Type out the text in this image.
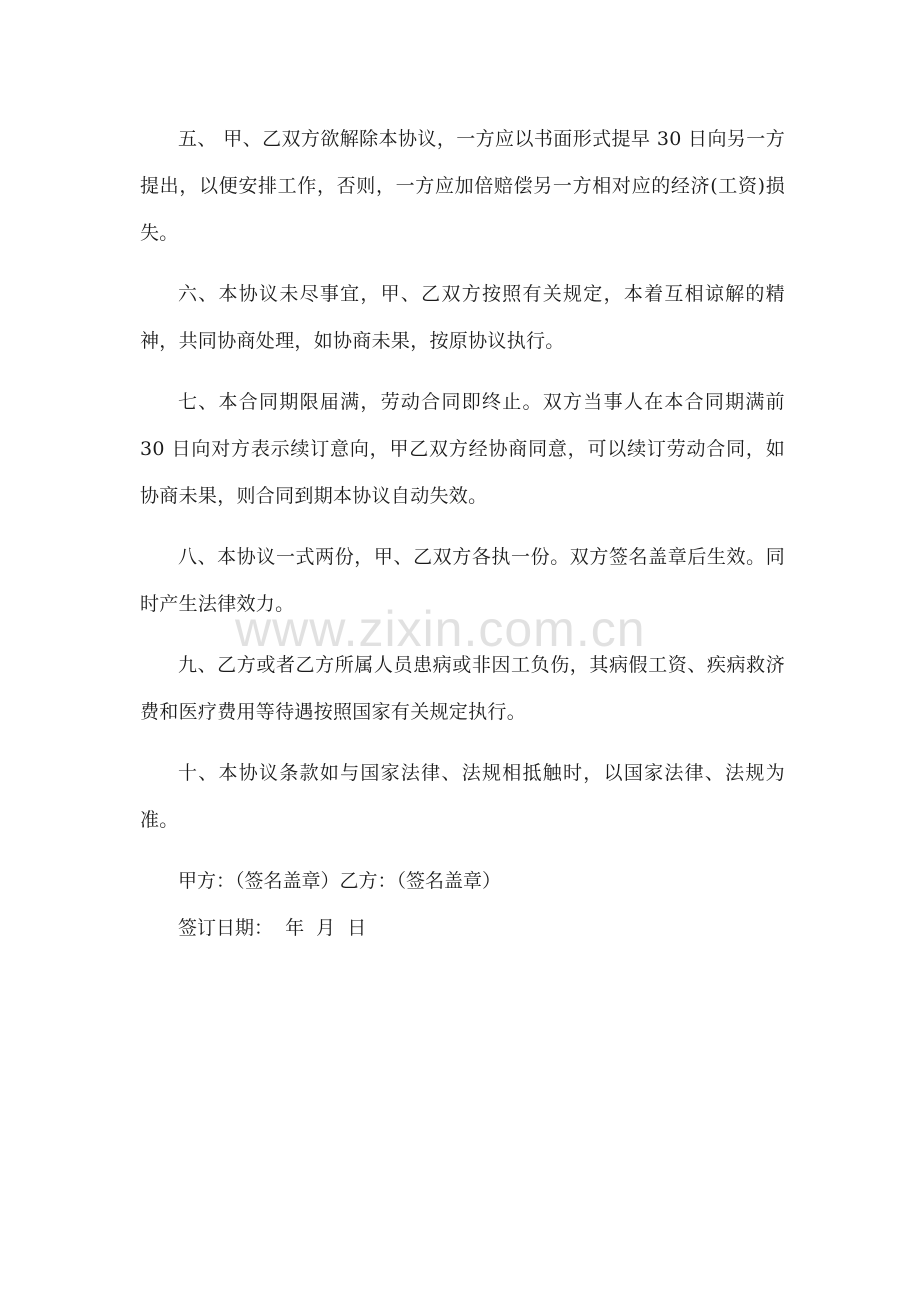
五、 甲、乙双方欲解除本协议，一方应以书面形式提早 30 日向另一方提出，以便安排工作，否则，一方应加倍赔偿另一方相对应的经济(工资)损失。

六、本协议未尽事宜，甲、乙双方按照有关规定，本着互相谅解的精神，共同协商处理，如协商未果，按原协议执行。

七、本合同期限届满，劳动合同即终止。双方当事人在本合同期满前 30 日向对方表示续订意向，甲乙双方经协商同意，可以续订劳动合同，如协商未果，则合同到期本协议自动失效。

八、本协议一式两份，甲、乙双方各执一份。双方签名盖章后生效。同时产生法律效力。

九、乙方或者乙方所属人员患病或非因工负伤，其病假工资、疾病救济费和医疗费用等待遇按照国家有关规定执行。

十、本协议条款如与国家法律、法规相抵触时，以国家法律、法规为准。

甲方：（签名盖章）乙方：（签名盖章）

签订日期：  年  月  日

www.zixin.com.cn
